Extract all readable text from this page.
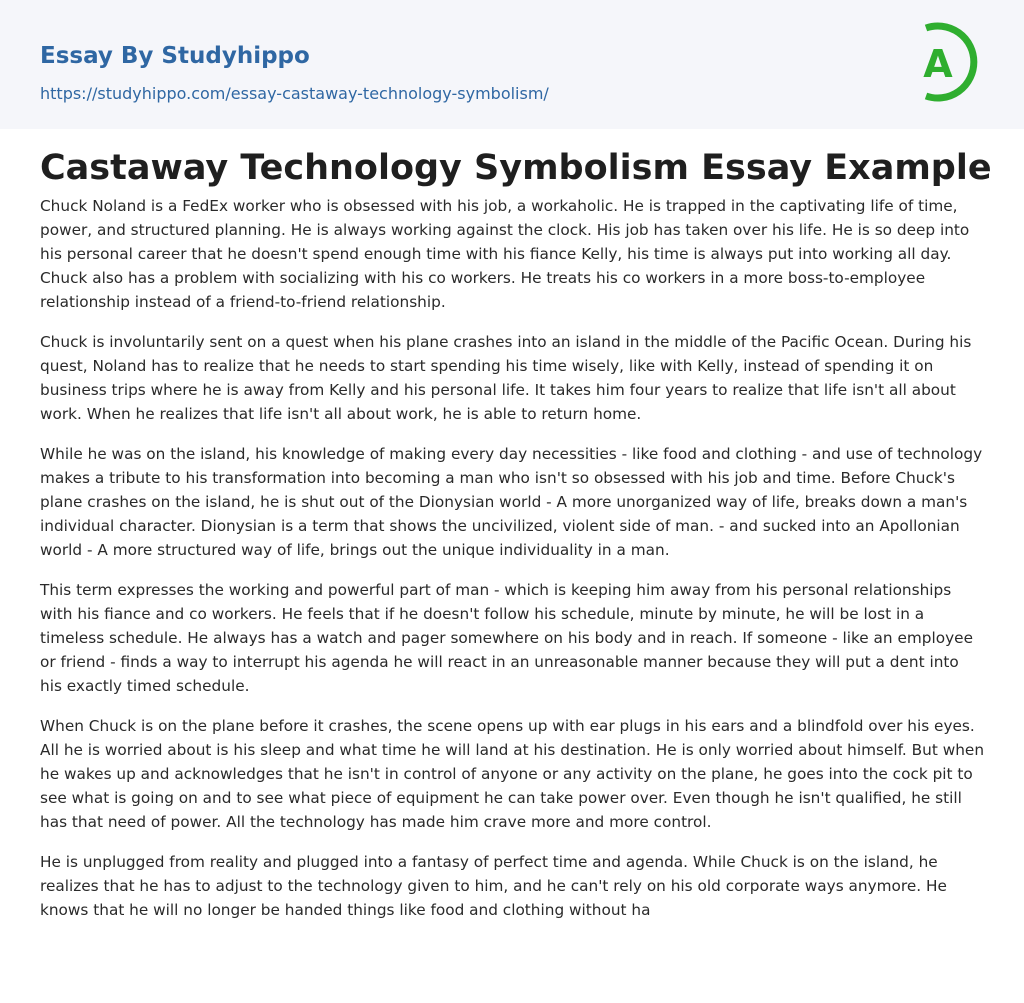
Essay By Studyhippo
https://studyhippo.com/essay-castaway-technology-symbolism/
A
Castaway Technology Symbolism Essay Example

Chuck Noland is a FedEx worker who is obsessed with his job, a workaholic. He is trapped in the captivating life of time, power, and structured planning. He is always working against the clock. His job has taken over his life. He is so deep into his personal career that he doesn't spend enough time with his fiance Kelly, his time is always put into working all day. Chuck also has a problem with socializing with his co workers. He treats his co workers in a more boss-to-employee relationship instead of a friend-to-friend relationship.

Chuck is involuntarily sent on a quest when his plane crashes into an island in the middle of the Pacific Ocean. During his quest, Noland has to realize that he needs to start spending his time wisely, like with Kelly, instead of spending it on business trips where he is away from Kelly and his personal life. It takes him four years to realize that life isn't all about work. When he realizes that life isn't all about work, he is able to return home.

While he was on the island, his knowledge of making every day necessities - like food and clothing - and use of technology makes a tribute to his transformation into becoming a man who isn't so obsessed with his job and time. Before Chuck's plane crashes on the island, he is shut out of the Dionysian world - A more unorganized way of life, breaks down a man's individual character. Dionysian is a term that shows the uncivilized, violent side of man. - and sucked into an Apollonian world - A more structured way of life, brings out the unique individuality in a man.

This term expresses the working and powerful part of man - which is keeping him away from his personal relationships with his fiance and co workers. He feels that if he doesn't follow his schedule, minute by minute, he will be lost in a timeless schedule. He always has a watch and pager somewhere on his body and in reach. If someone - like an employee or friend - finds a way to interrupt his agenda he will react in an unreasonable manner because they will put a dent into his exactly timed schedule.

When Chuck is on the plane before it crashes, the scene opens up with ear plugs in his ears and a blindfold over his eyes. All he is worried about is his sleep and what time he will land at his destination. He is only worried about himself. But when he wakes up and acknowledges that he isn't in control of anyone or any activity on the plane, he goes into the cock pit to see what is going on and to see what piece of equipment he can take power over. Even though he isn't qualified, he still has that need of power. All the technology has made him crave more and more control.

He is unplugged from reality and plugged into a fantasy of perfect time and agenda. While Chuck is on the island, he realizes that he has to adjust to the technology given to him, and he can't rely on his old corporate ways anymore. He knows that he will no longer be handed things like food and clothing without ha
